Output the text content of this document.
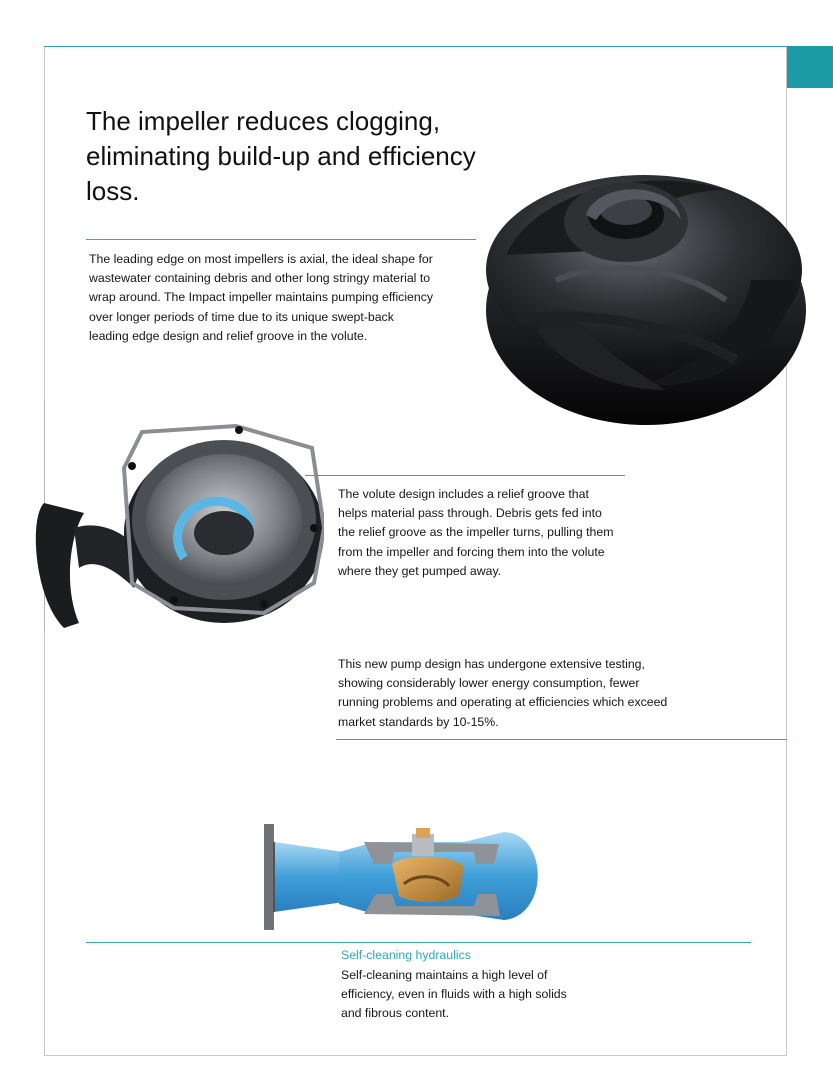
The impeller reduces clogging, eliminating build-up and efficiency loss.

The leading edge on most impellers is axial, the ideal shape for wastewater containing debris and other long stringy material to wrap around. The Impact impeller maintains pumping efficiency over longer periods of time due to its unique swept-back leading edge design and relief groove in the volute.

The volute design includes a relief groove that helps material pass through. Debris gets fed into the relief groove as the impeller turns, pulling them from the impeller and forcing them into the volute where they get pumped away.

This new pump design has undergone extensive testing, showing considerably lower energy consumption, fewer running problems and operating at efficiencies which exceed market standards by 10-15%.

Self-cleaning hydraulics

Self-cleaning maintains a high level of efficiency, even in fluids with a high solids and fibrous content.
